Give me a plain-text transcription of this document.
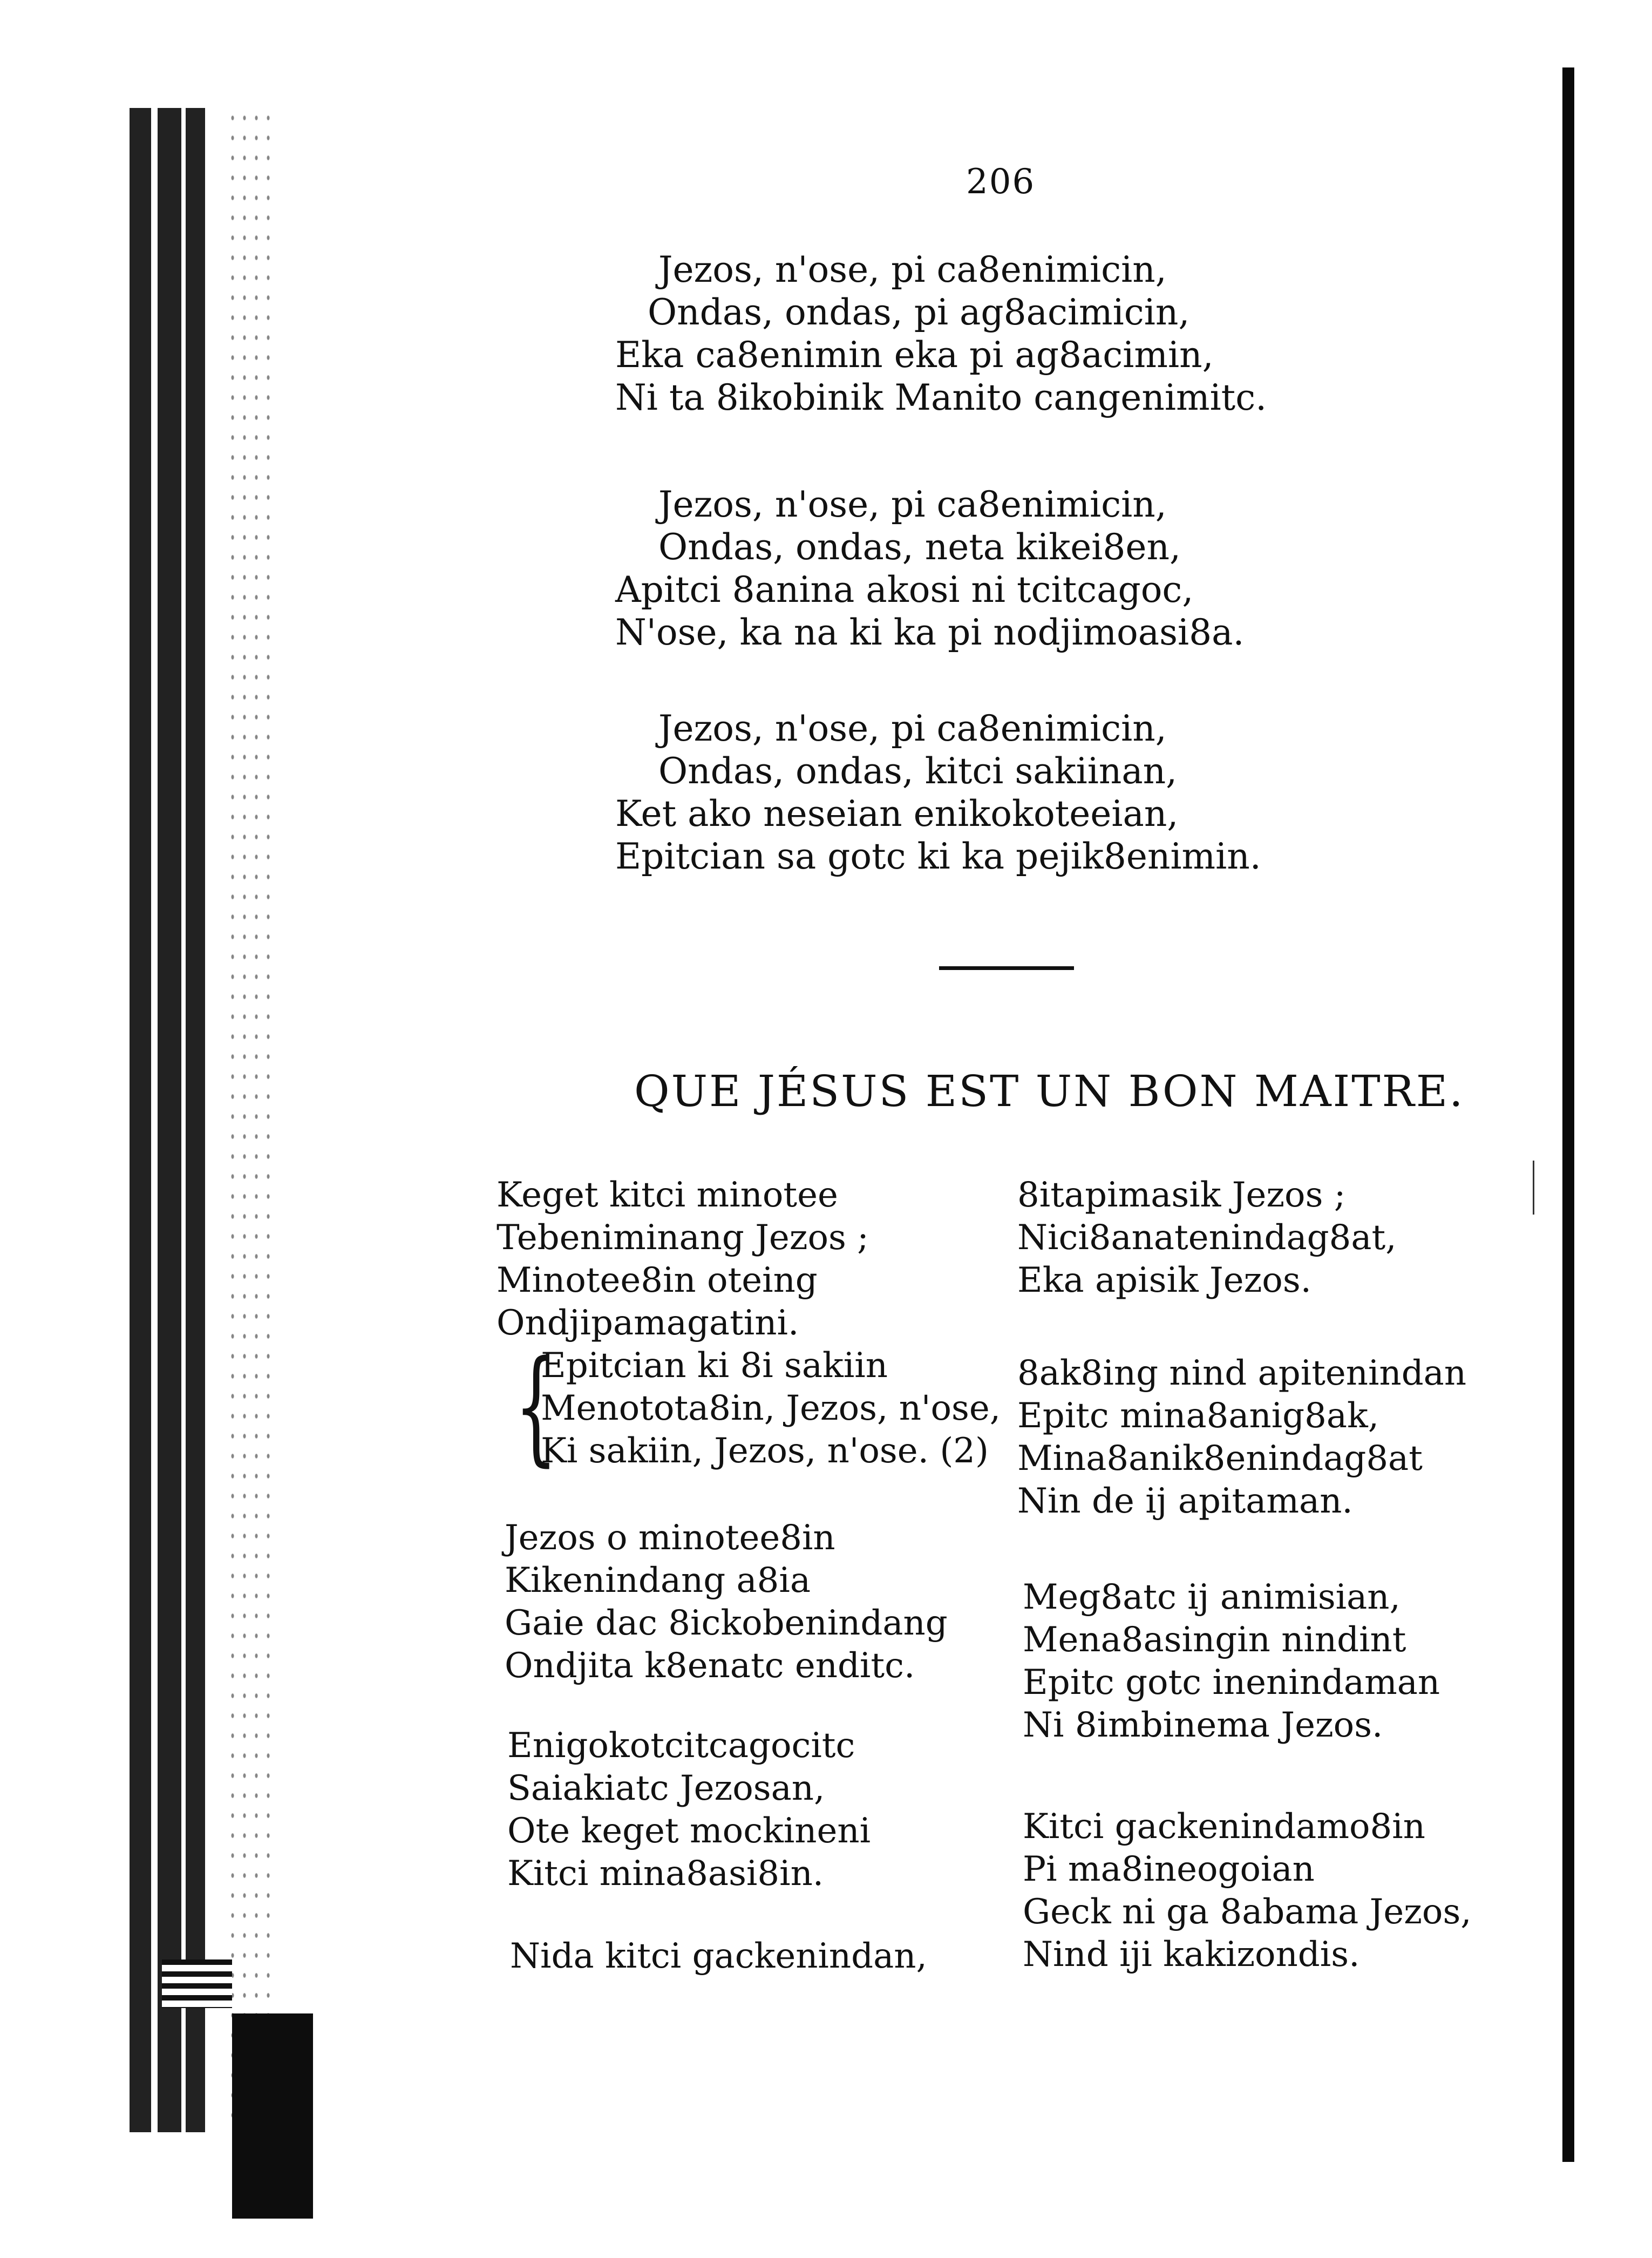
206
Jezos, n'ose, pi ca8enimicin,
Ondas, ondas, pi ag8acimicin,
Eka ca8enimin eka pi ag8acimin,
Ni ta 8ikobinik Manito cangenimitc.
Jezos, n'ose, pi ca8enimicin,
Ondas, ondas, neta kikei8en,
Apitci 8anina akosi ni tcitcagoc,
N'ose, ka na ki ka pi nodjimoasi8a.
Jezos, n'ose, pi ca8enimicin,
Ondas, ondas, kitci sakiinan,
Ket ako neseian enikokoteeian,
Epitcian sa gotc ki ka pejik8enimin.
QUE JÉSUS EST UN BON MAITRE.
Keget kitci minotee
Tebeniminang Jezos ;
Minotee8in oteing
Ondjipamagatini.
{
Epitcian ki 8i sakiin
Menotota8in, Jezos, n'ose,
Ki sakiin, Jezos, n'ose. (2)
Jezos o minotee8in
Kikenindang a8ia
Gaie dac 8ickobenindang
Ondjita k8enatc enditc.
Enigokotcitcagocitc
Saiakiatc Jezosan,
Ote keget mockineni
Kitci mina8asi8in.
Nida kitci gackenindan,
8itapimasik Jezos ;
Nici8anatenindag8at,
Eka apisik Jezos.
8ak8ing nind apitenindan
Epitc mina8anig8ak,
Mina8anik8enindag8at
Nin de ij apitaman.
Meg8atc ij animisian,
Mena8asingin nindint
Epitc gotc inenindaman
Ni 8imbinema Jezos.
Kitci gackenindamo8in
Pi ma8ineogoian
Geck ni ga 8abama Jezos,
Nind iji kakizondis.
